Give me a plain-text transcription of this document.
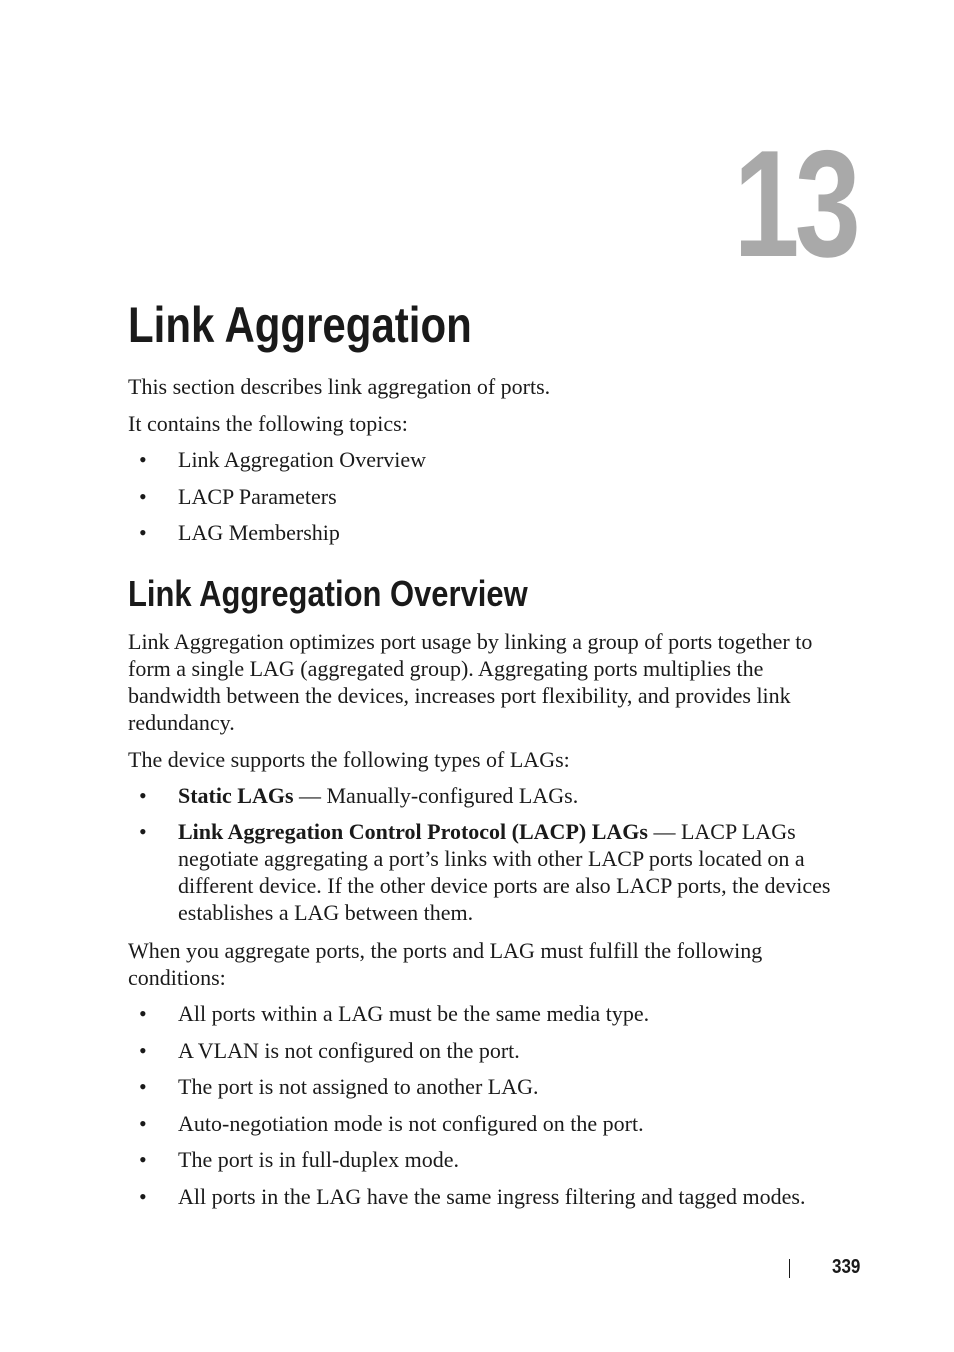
13
Link Aggregation

This section describes link aggregation of ports.

It contains the following topics:

• Link Aggregation Overview
• LACP Parameters
• LAG Membership
Link Aggregation Overview

Link Aggregation optimizes port usage by linking a group of ports together to form a single LAG (aggregated group). Aggregating ports multiplies the bandwidth between the devices, increases port flexibility, and provides link redundancy.

The device supports the following types of LAGs:

• Static LAGs — Manually-configured LAGs.
• Link Aggregation Control Protocol (LACP) LAGs — LACP LAGs negotiate aggregating a port’s links with other LACP ports located on a different device. If the other device ports are also LACP ports, the devices establishes a LAG between them.

When you aggregate ports, the ports and LAG must fulfill the following conditions:

• All ports within a LAG must be the same media type.
• A VLAN is not configured on the port.
• The port is not assigned to another LAG.
• Auto-negotiation mode is not configured on the port.
• The port is in full-duplex mode.
• All ports in the LAG have the same ingress filtering and tagged modes.
339
